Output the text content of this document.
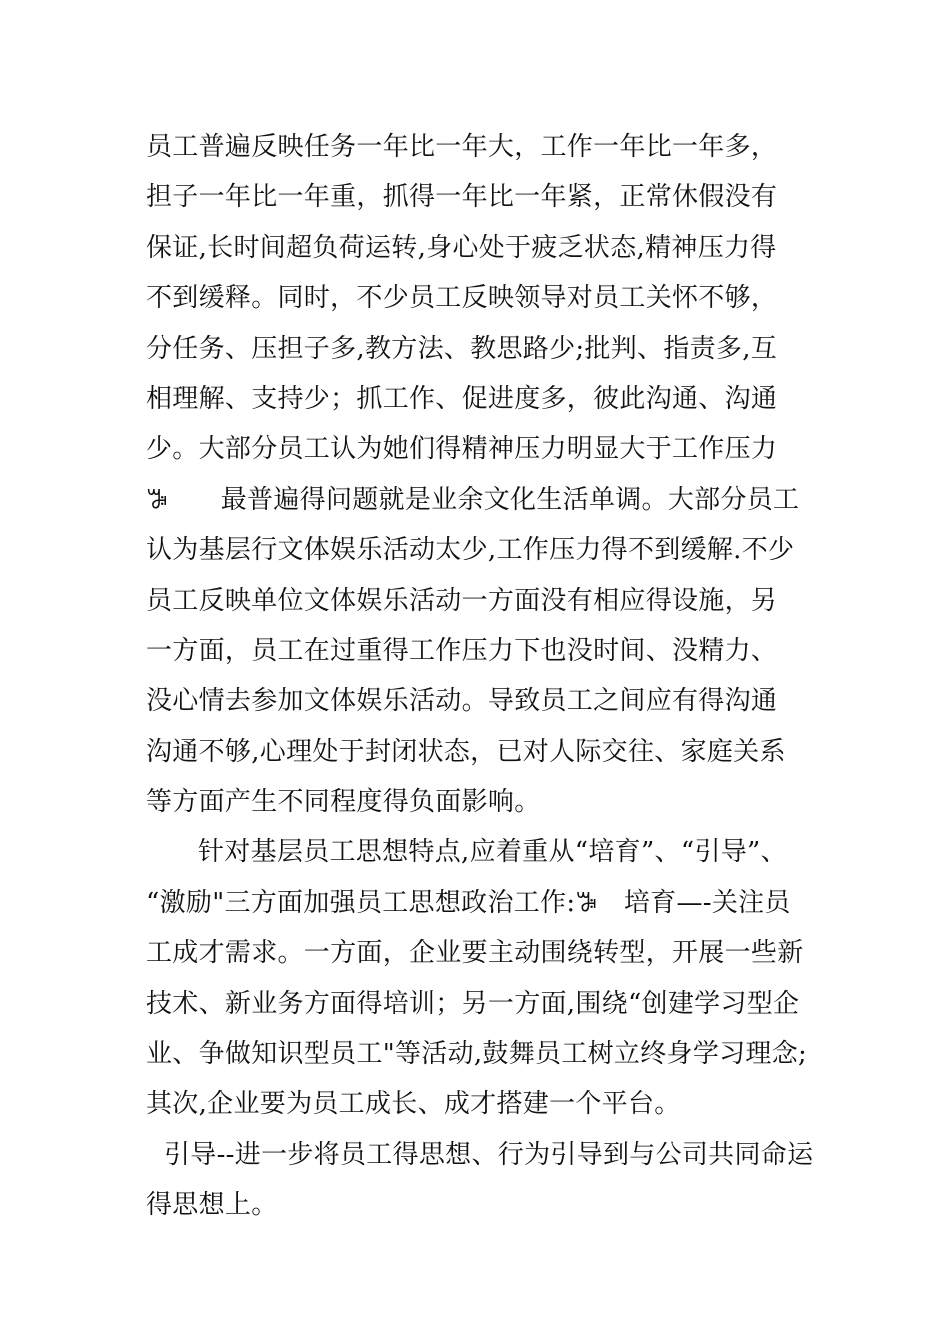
员工普遍反映任务一年比一年大，工作一年比一年多，
担子一年比一年重，抓得一年比一年紧，正常休假没有
保证,长时间超负荷运转,身心处于疲乏状态,精神压力得
不到缓释。同时，不少员工反映领导对员工关怀不够，
分任务、压担子多,教方法、教思路少;批判、指责多,互
相理解、支持少；抓工作、促进度多，彼此沟通、沟通
少。大部分员工认为她们得精神压力明显大于工作压力
ꕅ　　最普遍得问题就是业余文化生活单调。大部分员工
认为基层行文体娱乐活动太少,工作压力得不到缓解.不少
员工反映单位文体娱乐活动一方面没有相应得设施，另
一方面，员工在过重得工作压力下也没时间、没精力、
没心情去参加文体娱乐活动。导致员工之间应有得沟通
沟通不够,心理处于封闭状态，已对人际交往、家庭关系
等方面产生不同程度得负面影响。
针对基层员工思想特点,应着重从“培育”、“引导”、
“激励"三方面加强员工思想政治工作:ꕅ　培育—-关注员
工成才需求。一方面，企业要主动围绕转型，开展一些新
技术、新业务方面得培训；另一方面,围绕“创建学习型企
业、争做知识型员工"等活动,鼓舞员工树立终身学习理念;
其次,企业要为员工成长、成才搭建一个平台。
引导--进一步将员工得思想、行为引导到与公司共同命运
得思想上。
